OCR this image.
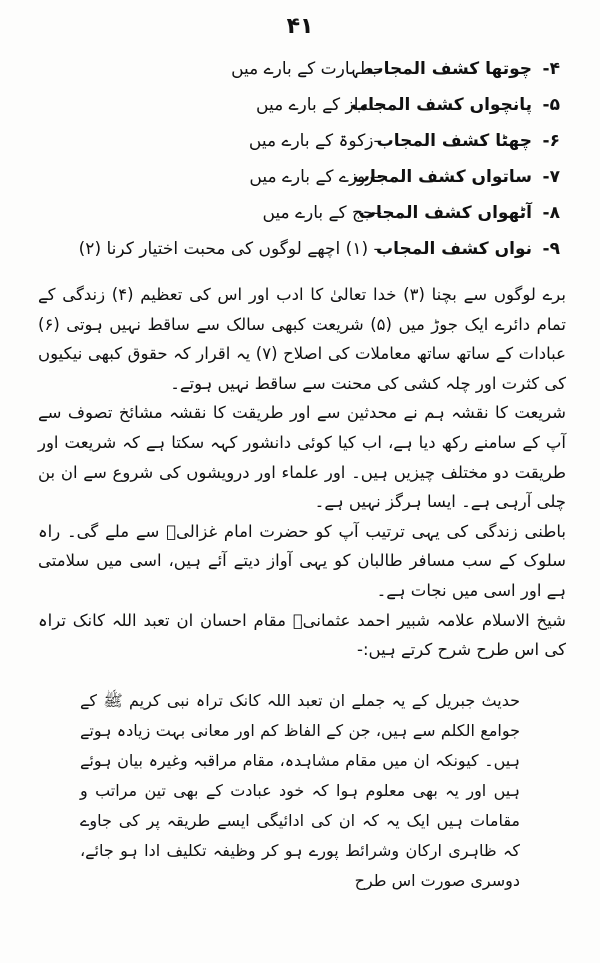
۴۱
۴-
چوتھا کشف المجاب
–طہارت کے بارے میں
۵-
پانچواں کشف المجاب
–نماز کے بارے میں
۶-
چھٹا کشف المجاب
–زکوۃ کے بارے میں
۷-
ساتواں کشف المجاب
–روزے کے بارے میں
۸-
آٹھواں کشف المجاب
–حج کے بارے میں
۹-
نواں کشف المجاب
– (۱) اچھے لوگوں کی محبت اختیار کرنا (۲)

برے لوگوں سے بچنا (۳) خدا تعالیٰ کا ادب اور اس کی تعظیم (۴) زندگی کے تمام دائرے ایک جوڑ میں (۵) شریعت کبھی سالک سے ساقط نہیں ہوتی (۶) عبادات کے ساتھ ساتھ معاملات کی اصلاح (۷) یہ اقرار کہ حقوق کبھی نیکیوں کی کثرت اور چلہ کشی کی محنت سے ساقط نہیں ہوتے۔

شریعت کا نقشہ ہم نے محدثین سے اور طریقت کا نقشہ مشائخ تصوف سے آپ کے سامنے رکھ دیا ہے، اب کیا کوئی دانشور کہہ سکتا ہے کہ شریعت اور طریقت دو مختلف چیزیں ہیں۔ اور علماء اور درویشوں کی شروع سے ان بن چلی آرہی ہے۔ ایسا ہرگز نہیں ہے۔

باطنی زندگی کی یہی ترتیب آپ کو حضرت امام غزالیؒ سے ملے گی۔ راہ سلوک کے سب مسافر طالبان کو یہی آواز دیتے آئے ہیں، اسی میں سلامتی ہے اور اسی میں نجات ہے۔

شیخ الاسلام علامہ شبیر احمد عثمانیؒ مقام احسان ان تعبد اللہ کانک تراہ کی اس طرح شرح کرتے ہیں:-

حدیث جبریل کے یہ جملے ان تعبد اللہ کانک تراہ نبی کریم ﷺ کے جوامع الکلم سے ہیں، جن کے الفاظ کم اور معانی بہت زیادہ ہوتے ہیں۔ کیونکہ ان میں مقام مشاہدہ، مقام مراقبہ وغیرہ بیان ہوئے ہیں اور یہ بھی معلوم ہوا کہ خود عبادت کے بھی تین مراتب و مقامات ہیں ایک یہ کہ ان کی ادائیگی ایسے طریقہ پر کی جاوے کہ ظاہری ارکان وشرائط پورے ہو کر وظیفہ تکلیف ادا ہو جائے، دوسری صورت اس طرح
